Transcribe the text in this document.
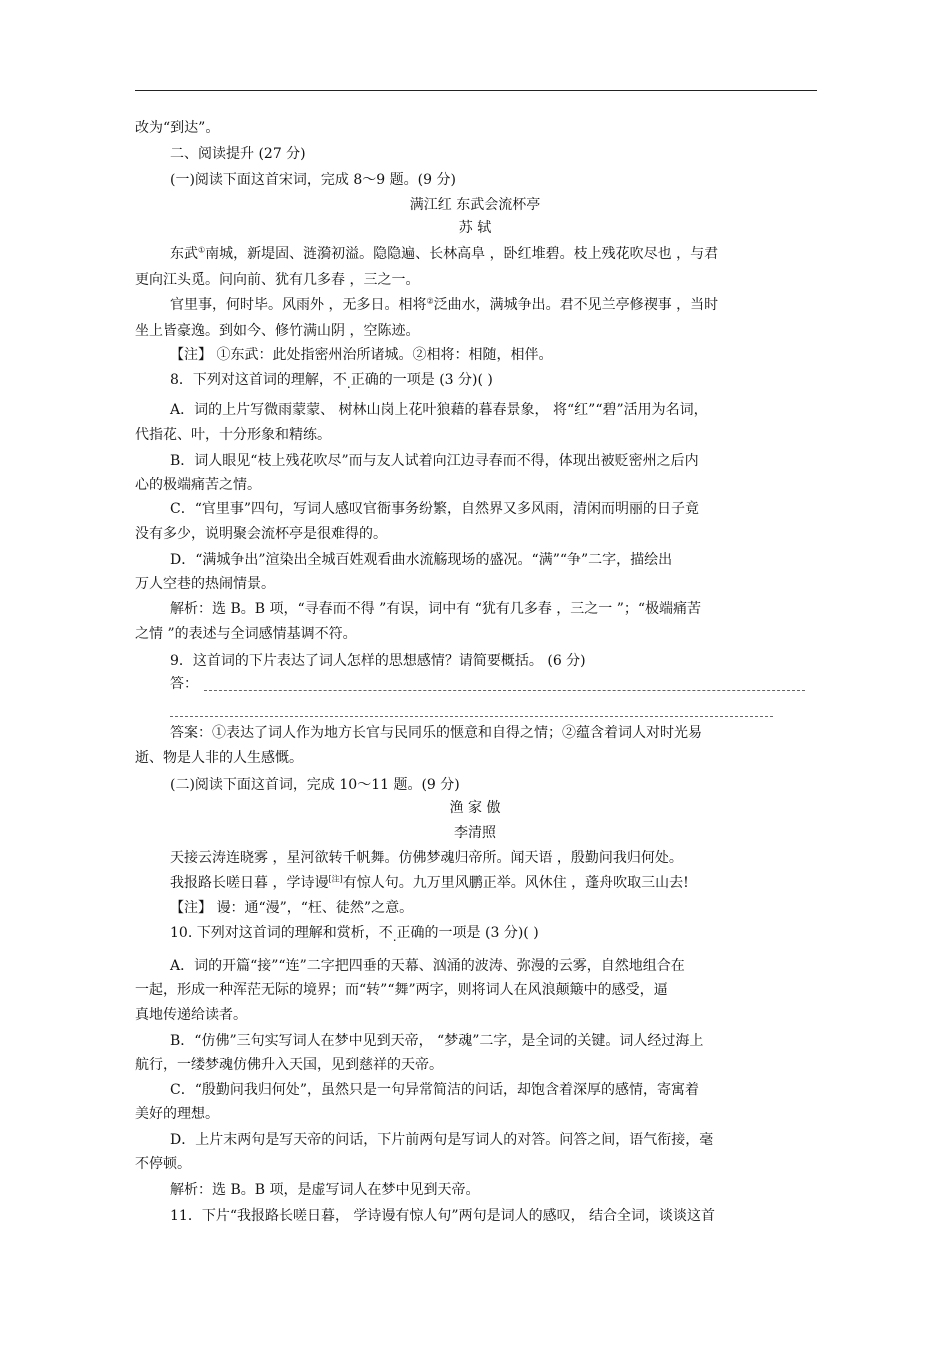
改为“到达”。
二、阅读提升 (27 分)
(一)阅读下面这首宋词，完成 8～9 题。(9 分)
满江红 东武会流杯亭
苏 轼
东武①南城，新堤固、涟漪初溢。隐隐遍、长林高阜 ，卧红堆碧。枝上残花吹尽也 ，与君
更向江头觅。问向前、犹有几多春 ，三之一。
官里事，何时毕。风雨外 ，无多日。相将②泛曲水，满城争出。君不见兰亭修禊事 ，当时
坐上皆豪逸。到如今、修竹满山阴 ，空陈迹。
【注】 ①东武：此处指密州治所诸城。②相将：相随，相伴。
8．下列对这首词的理解，不.正确的一项是 (3 分)( )
A．词的上片写微雨蒙蒙、 树林山岗上花叶狼藉的暮春景象， 将“红”“碧”活用为名词，
代指花、叶，十分形象和精练。
B．词人眼见“枝上残花吹尽”而与友人试着向江边寻春而不得，体现出被贬密州之后内
心的极端痛苦之情。
C．“官里事”四句，写词人感叹官衙事务纷繁，自然界又多风雨，清闲而明丽的日子竟
没有多少，说明聚会流杯亭是很难得的。
D．“满城争出”渲染出全城百姓观看曲水流觞现场的盛况。“满”“争”二字，描绘出
万人空巷的热闹情景。
解析：选 B。B 项，“寻春而不得 ”有误，词中有 “犹有几多春 ，三之一 ”；“极端痛苦
之情 ”的表述与全词感情基调不符。
9．这首词的下片表达了词人怎样的思想感情？请简要概括。 (6 分)
答：
答案：①表达了词人作为地方长官与民同乐的惬意和自得之情；②蕴含着词人对时光易
逝、物是人非的人生感慨。
(二)阅读下面这首词，完成 10～11 题。(9 分)
渔 家 傲
李清照
天接云涛连晓雾 ，星河欲转千帆舞。仿佛梦魂归帝所。闻天语 ，殷勤问我归何处。
我报路长嗟日暮 ，学诗谩[注]有惊人句。九万里风鹏正举。风休住 ，蓬舟吹取三山去!
【注】 谩：通“漫”，“枉、徒然”之意。
10. 下列对这首词的理解和赏析，不.正确的一项是 (3 分)( )
A．词的开篇“接”“连”二字把四垂的天幕、汹涌的波涛、弥漫的云雾，自然地组合在
一起，形成一种浑茫无际的境界；而“转”“舞”两字，则将词人在风浪颠簸中的感受，逼
真地传递给读者。
B．“仿佛”三句实写词人在梦中见到天帝， “梦魂”二字，是全词的关键。词人经过海上
航行，一缕梦魂仿佛升入天国，见到慈祥的天帝。
C．“殷勤问我归何处”，虽然只是一句异常简洁的问话，却饱含着深厚的感情，寄寓着
美好的理想。
D．上片末两句是写天帝的问话，下片前两句是写词人的对答。问答之间，语气衔接，毫
不停顿。
解析：选 B。B 项，是虚写词人在梦中见到天帝。
11．下片“我报路长嗟日暮， 学诗谩有惊人句”两句是词人的感叹， 结合全词，谈谈这首
